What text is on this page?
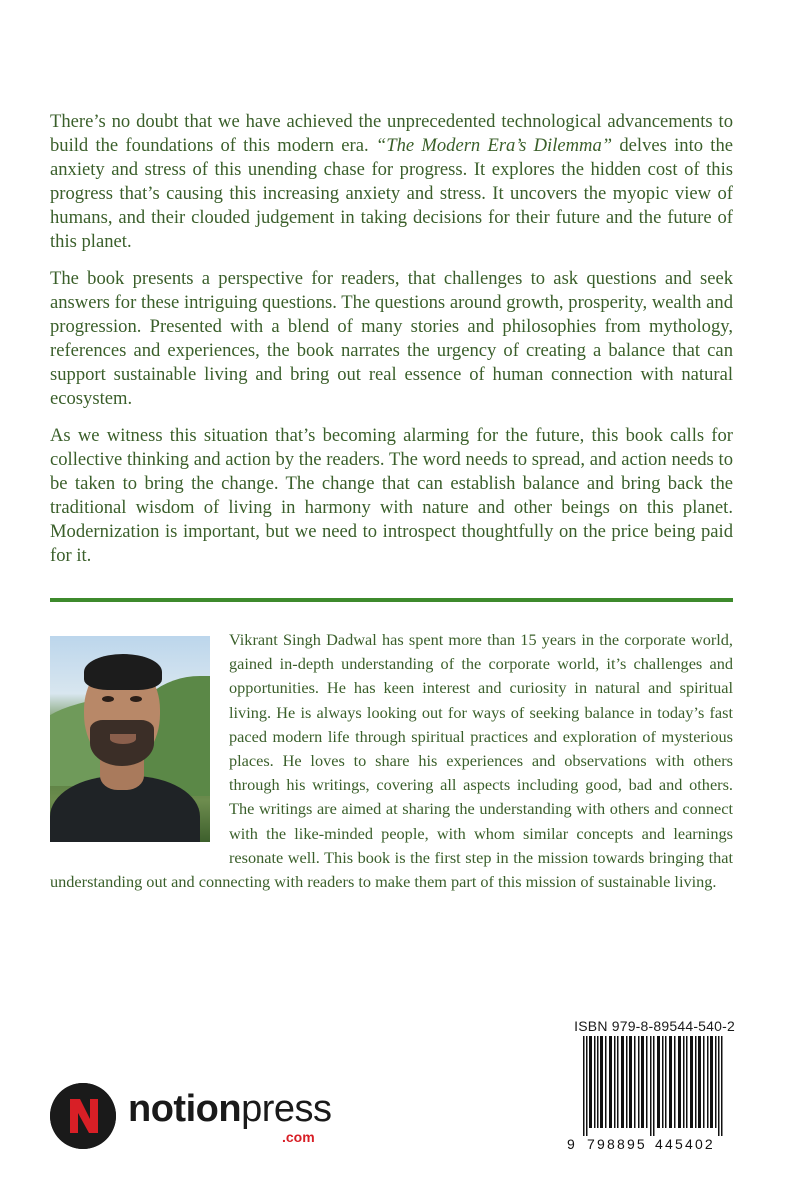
There’s no doubt that we have achieved the unprecedented technological advancements to build the foundations of this modern era. “The Modern Era’s Dilemma” delves into the anxiety and stress of this unending chase for progress. It explores the hidden cost of this progress that’s causing this increasing anxiety and stress. It uncovers the myopic view of humans, and their clouded judgement in taking decisions for their future and the future of this planet.

The book presents a perspective for readers, that challenges to ask questions and seek answers for these intriguing questions. The questions around growth, prosperity, wealth and progression. Presented with a blend of many stories and philosophies from mythology, references and experiences, the book narrates the urgency of creating a balance that can support sustainable living and bring out real essence of human connection with natural ecosystem.

As we witness this situation that’s becoming alarming for the future, this book calls for collective thinking and action by the readers. The word needs to spread, and action needs to be taken to bring the change. The change that can establish balance and bring back the traditional wisdom of living in harmony with nature and other beings on this planet. Modernization is important, but we need to introspect thoughtfully on the price being paid for it.

Vikrant Singh Dadwal has spent more than 15 years in the corporate world, gained in-depth understanding of the corporate world, it’s challenges and opportunities. He has keen interest and curiosity in natural and spiritual living. He is always looking out for ways of seeking balance in today’s fast paced modern life through spiritual practices and exploration of mysterious places. He loves to share his experiences and observations with others through his writings, covering all aspects including good, bad and others. The writings are aimed at sharing the understanding with others and connect with the like-minded people, with whom similar concepts and learnings resonate well. This book is the first step in the mission towards bringing that understanding out and connecting with readers to make them part of this mission of sustainable living.
ISBN 979-8-89544-540-2
9 798895 445402
notionpress
.com
